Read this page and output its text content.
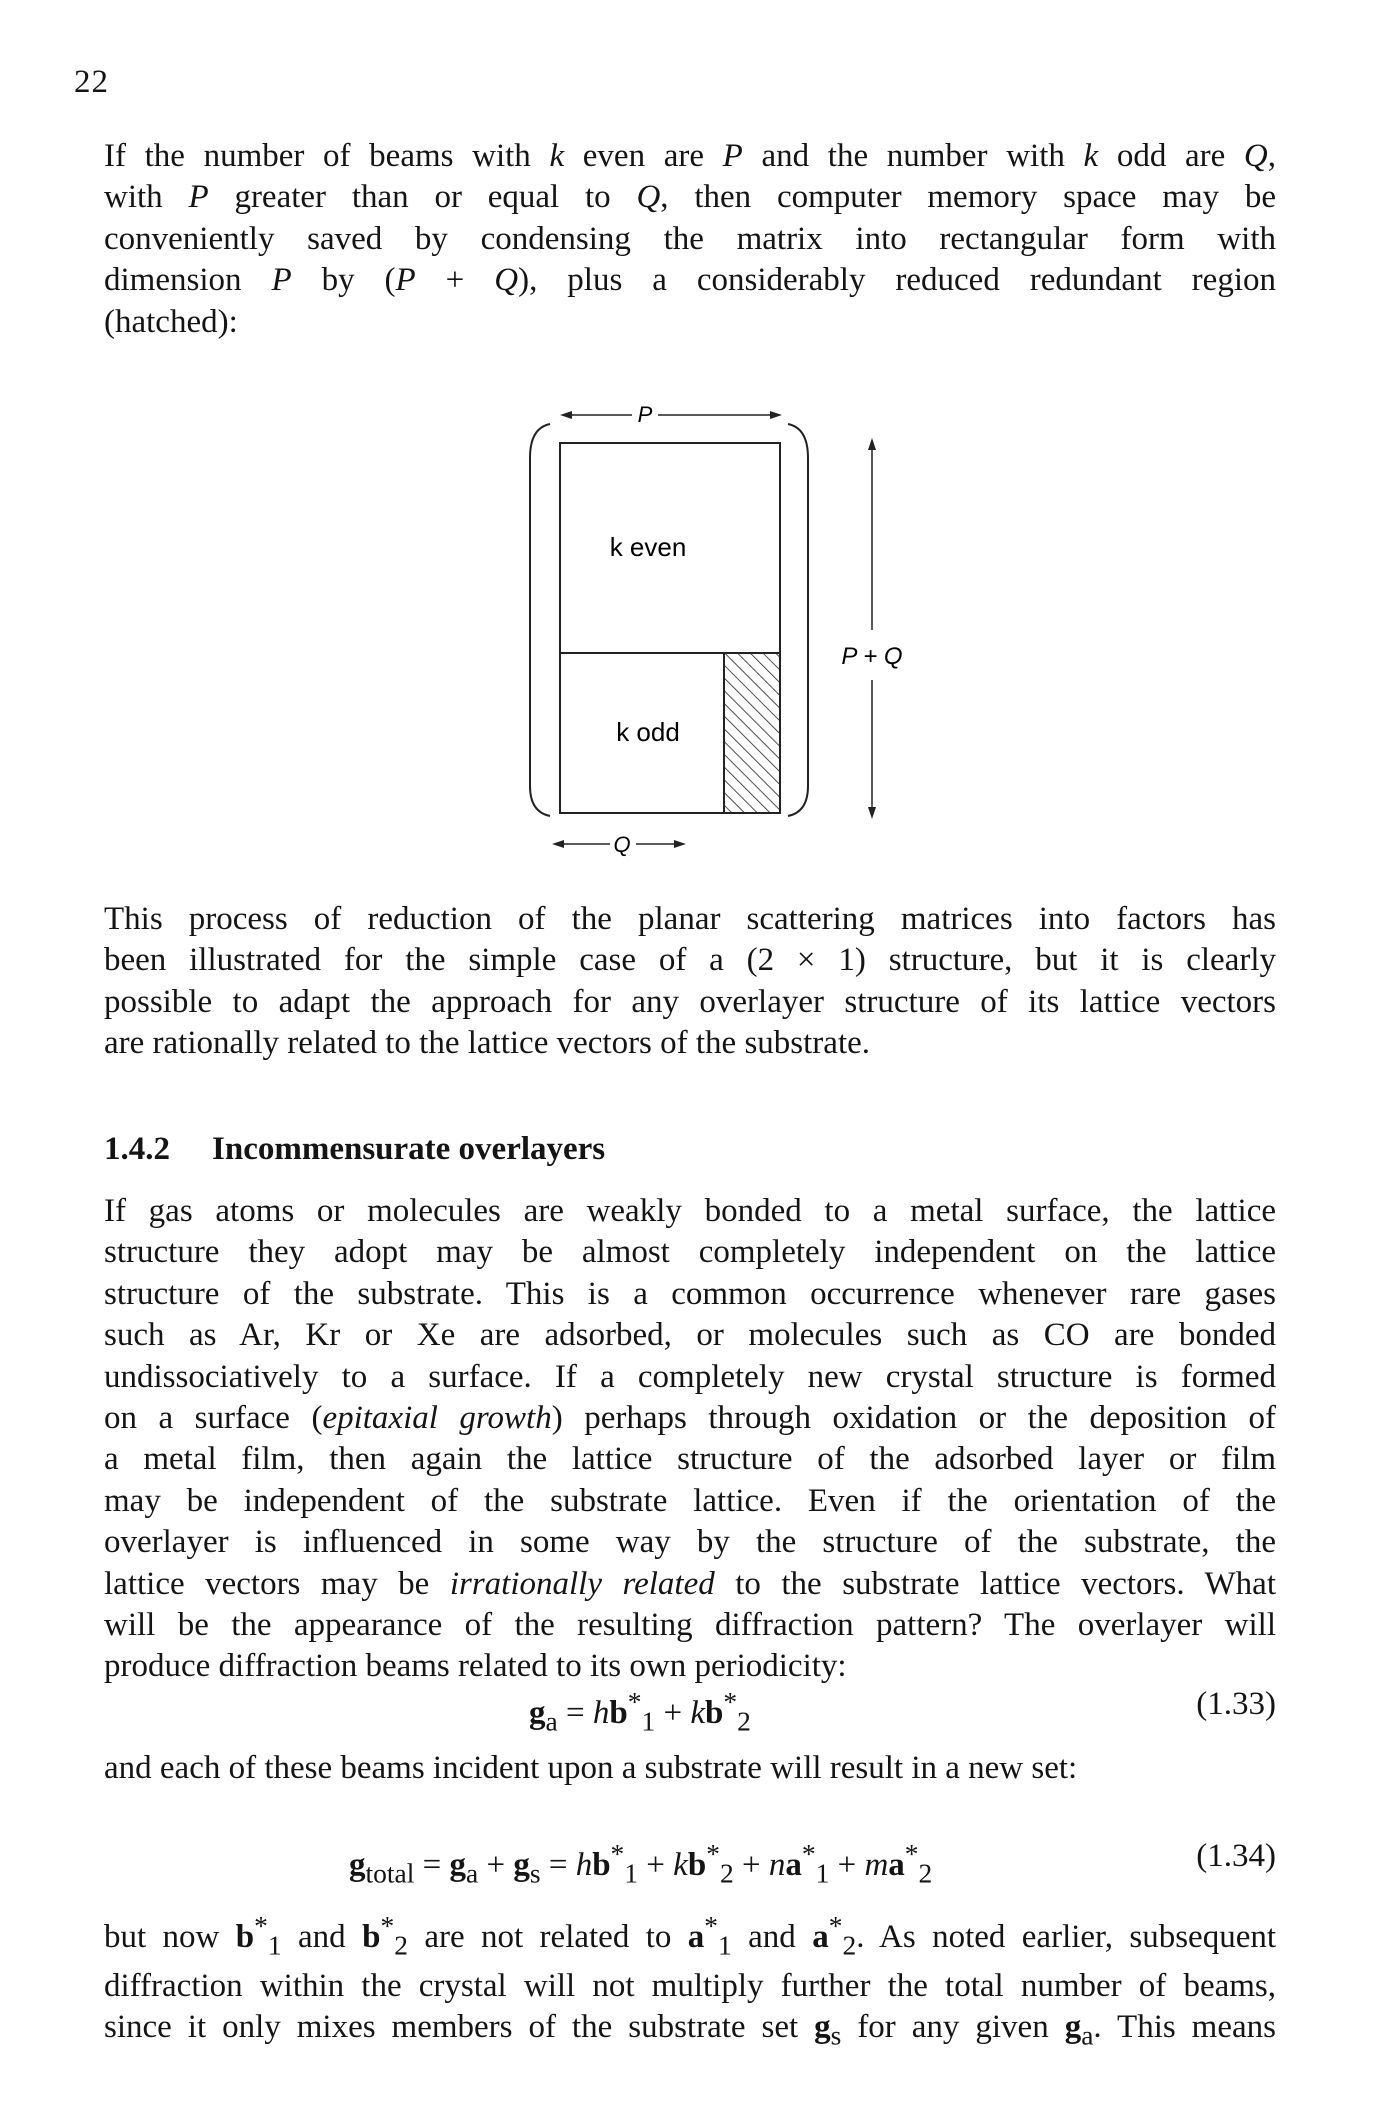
22

If the number of beams with k even are P and the number with k odd are Q,
with P greater than or equal to Q, then computer memory space may be
conveniently saved by condensing the matrix into rectangular form with
dimension P by (P + Q), plus a considerably reduced redundant region
(hatched):

P
k even
k odd
Q
P + Q

This process of reduction of the planar scattering matrices into factors has
been illustrated for the simple case of a (2 × 1) structure, but it is clearly
possible to adapt the approach for any overlayer structure of its lattice vectors
are rationally related to the lattice vectors of the substrate.

1.4.2 Incommensurate overlayers

If gas atoms or molecules are weakly bonded to a metal surface, the lattice
structure they adopt may be almost completely independent on the lattice
structure of the substrate. This is a common occurrence whenever rare gases
such as Ar, Kr or Xe are adsorbed, or molecules such as CO are bonded
undissociatively to a surface. If a completely new crystal structure is formed
on a surface (epitaxial growth) perhaps through oxidation or the deposition of
a metal film, then again the lattice structure of the adsorbed layer or film
may be independent of the substrate lattice. Even if the orientation of the
overlayer is influenced in some way by the structure of the substrate, the
lattice vectors may be irrationally related to the substrate lattice vectors. What
will be the appearance of the resulting diffraction pattern? The overlayer will
produce diffraction beams related to its own periodicity:

$g_a = hb^*_1 + kb^*_2$	(1.33)

and each of these beams incident upon a substrate will result in a new set:

$g_{total} = g_a + g_s = hb^*_1 + kb^*_2 + na^*_1 + ma^*_2$	(1.34)

but now $b^*_1$ and $b^*_2$ are not related to $a^*_1$ and $a^*_2$. As noted earlier, subsequent
diffraction within the crystal will not multiply further the total number of beams,
since it only mixes members of the substrate set $g_s$ for any given $g_a$. This means
